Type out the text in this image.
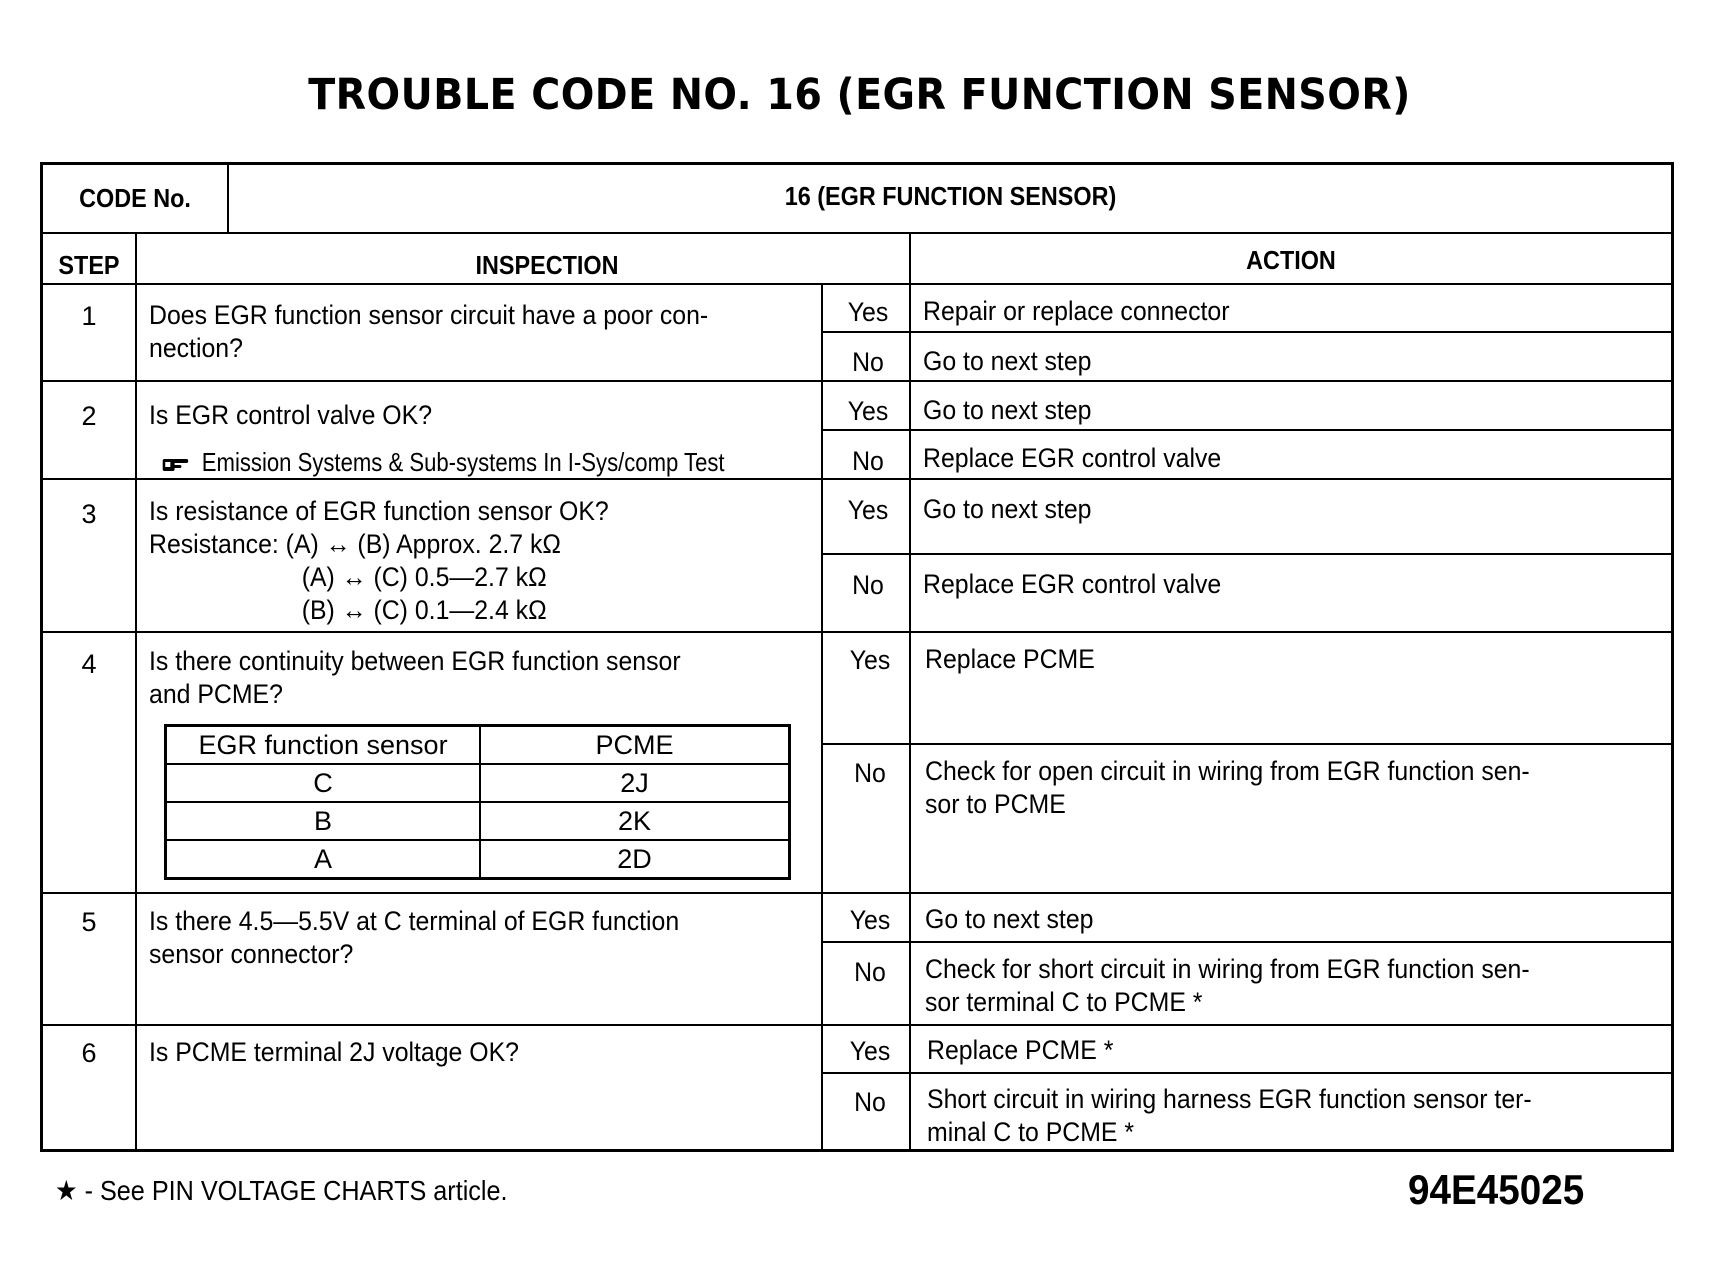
TROUBLE CODE NO. 16 (EGR FUNCTION SENSOR)
CODE No.	16 (EGR FUNCTION SENSOR)
STEP	INSPECTION	ACTION
1	Does EGR function sensor circuit have a poor con-
nection?
Yes	Repair or replace connector
No	Go to next step
2	Is EGR control valve OK?
Emission Systems & Sub-systems In I-Sys/comp Test
Yes	Go to next step
No	Replace EGR control valve
3	Is resistance of EGR function sensor OK?
Resistance: (A) ↔ (B) Approx. 2.7 kΩ
(A) ↔ (C) 0.5—2.7 kΩ
(B) ↔ (C) 0.1—2.4 kΩ
Yes	Go to next step
No	Replace EGR control valve
4	Is there continuity between EGR function sensor
and PCME?
EGR function sensor	PCME
C	2J
B	2K
A	2D
Yes	Replace PCME
No	Check for open circuit in wiring from EGR function sen-
sor to PCME
5	Is there 4.5—5.5V at C terminal of EGR function
sensor connector?
Yes	Go to next step
No	Check for short circuit in wiring from EGR function sen-
sor terminal C to PCME *
6	Is PCME terminal 2J voltage OK?	Yes	Replace PCME *
No	Short circuit in wiring harness EGR function sensor ter-
minal C to PCME *
★ - See PIN VOLTAGE CHARTS article.	94E45025
